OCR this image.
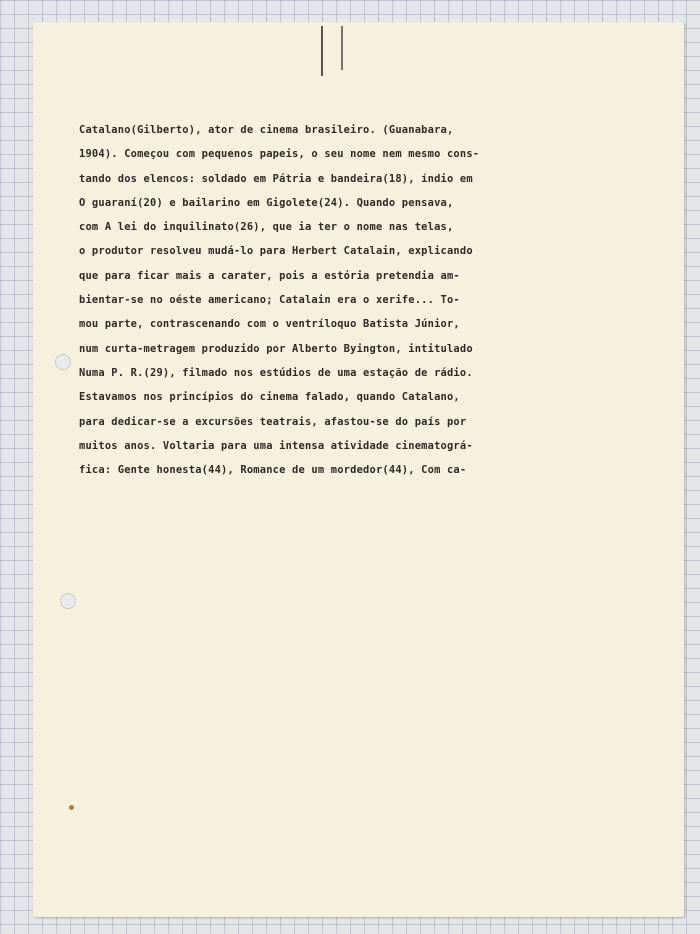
Catalano(Gilberto), ator de cinema brasileiro. (Guanabara,
1904). Começou com pequenos papeis, o seu nome nem mesmo cons-
tando dos elencos: soldado em Pátria e bandeira(18), índio em
O guaraní(20) e bailarino em Gigolete(24). Quando pensava,
com A lei do inquilinato(26), que ia ter o nome nas telas,
o produtor resolveu mudá-lo para Herbert Catalain, explicando
que para ficar mais a carater, pois a estória pretendia am-
bientar-se no oéste americano; Catalain era o xerife... To-
mou parte, contrascenando com o ventríloquo Batista Júnior,
num curta-metragem produzido por Alberto Byington, intitulado
Numa P. R.(29), filmado nos estúdios de uma estação de rádio.
Estavamos nos princípios do cinema falado, quando Catalano,
para dedicar-se a excursões teatrais, afastou-se do país por
muitos anos. Voltaria para uma intensa atividade cinematográ-
fica: Gente honesta(44), Romance de um mordedor(44), Com ca-
